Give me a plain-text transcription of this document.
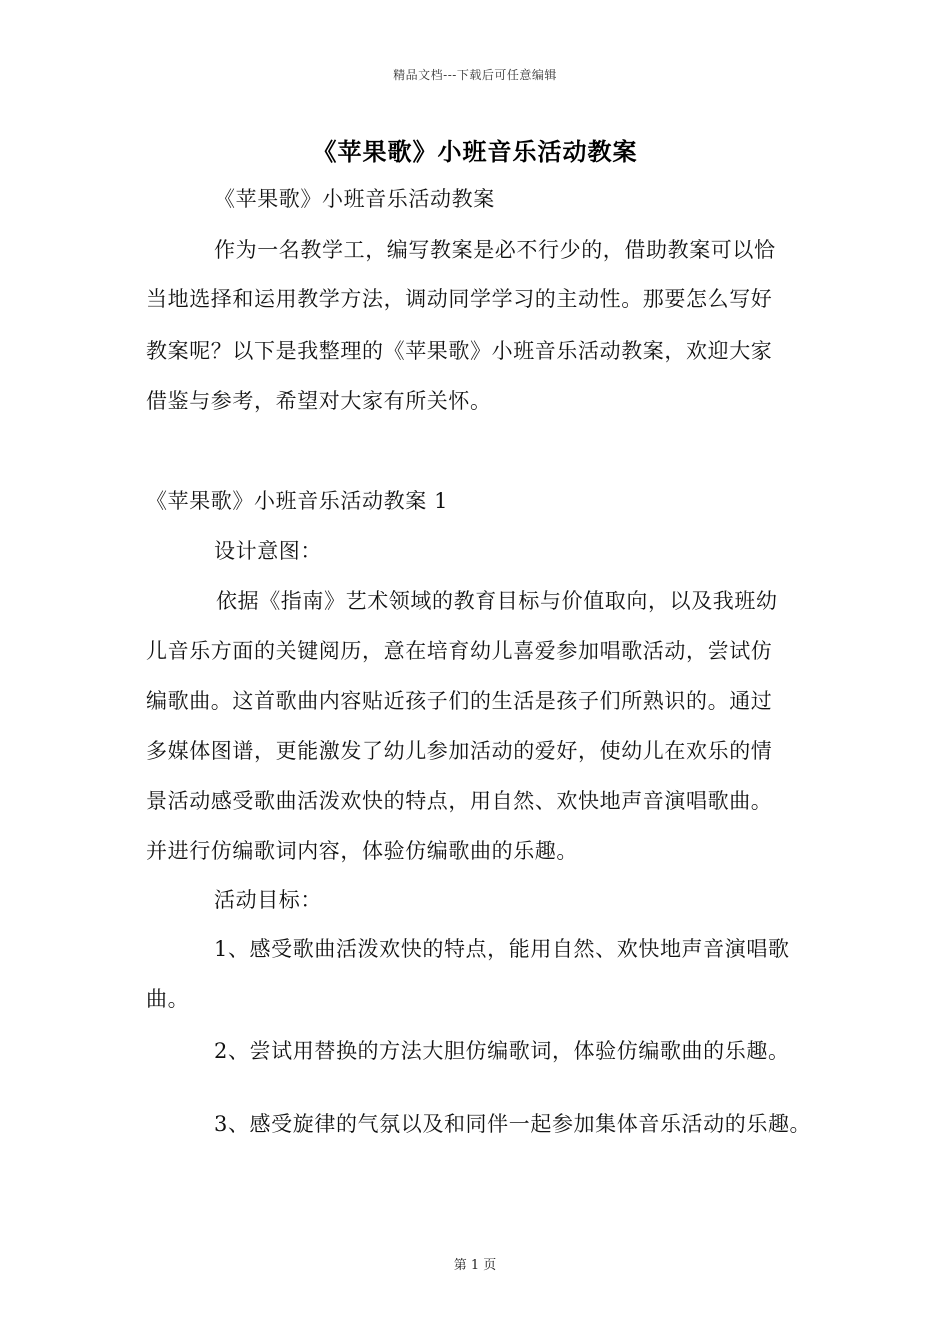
精品文档---下载后可任意编辑
《苹果歌》小班音乐活动教案
《苹果歌》小班音乐活动教案
作为一名教学工，编写教案是必不行少的，借助教案可以恰
当地选择和运用教学方法，调动同学学习的主动性。那要怎么写好
教案呢？以下是我整理的《苹果歌》小班音乐活动教案，欢迎大家
借鉴与参考，希望对大家有所关怀。
《苹果歌》小班音乐活动教案 1
设计意图：
依据《指南》艺术领域的教育目标与价值取向，以及我班幼
儿音乐方面的关键阅历，意在培育幼儿喜爱参加唱歌活动，尝试仿
编歌曲。这首歌曲内容贴近孩子们的生活是孩子们所熟识的。通过
多媒体图谱，更能激发了幼儿参加活动的爱好，使幼儿在欢乐的情
景活动感受歌曲活泼欢快的特点，用自然、欢快地声音演唱歌曲。
并进行仿编歌词内容，体验仿编歌曲的乐趣。
活动目标：
1、感受歌曲活泼欢快的特点，能用自然、欢快地声音演唱歌
曲。
2、尝试用替换的方法大胆仿编歌词，体验仿编歌曲的乐趣。
3、感受旋律的气氛以及和同伴一起参加集体音乐活动的乐趣。
第 1 页
